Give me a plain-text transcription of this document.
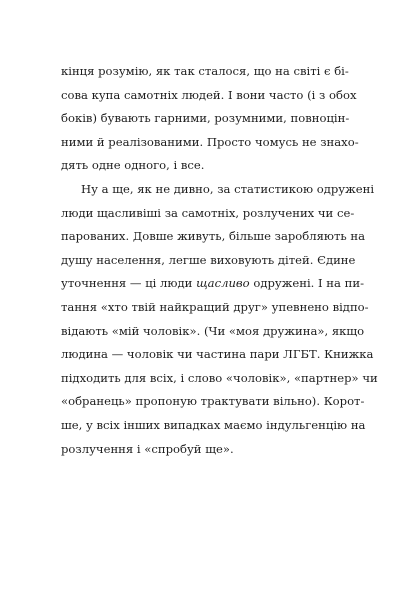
кінця розумію, як так сталося, що на світі є бі-
сова купа самотніх людей. І вони часто (і з обох
боків) бувають гарними, розумними, повноцін-
ними й реалізованими. Просто чомусь не знахо-
дять одне одного, і все.
Ну а ще, як не дивно, за статистикою одружені
люди щасливіші за самотніх, розлучених чи се-
парованих. Довше живуть, більше заробляють на
душу населення, легше виховують дітей. Єдине
уточнення — ці люди щасливо одружені. І на пи-
тання «хто твій найкращий друг» упевнено відпо-
відають «мій чоловік». (Чи «моя дружина», якщо
людина — чоловік чи частина пари ЛГБТ. Книжка
підходить для всіх, і слово «чоловік», «партнер» чи
«обранець» пропоную трактувати вільно). Корот-
ше, у всіх інших випадках маємо індульгенцію на
розлучення і «спробуй ще».
